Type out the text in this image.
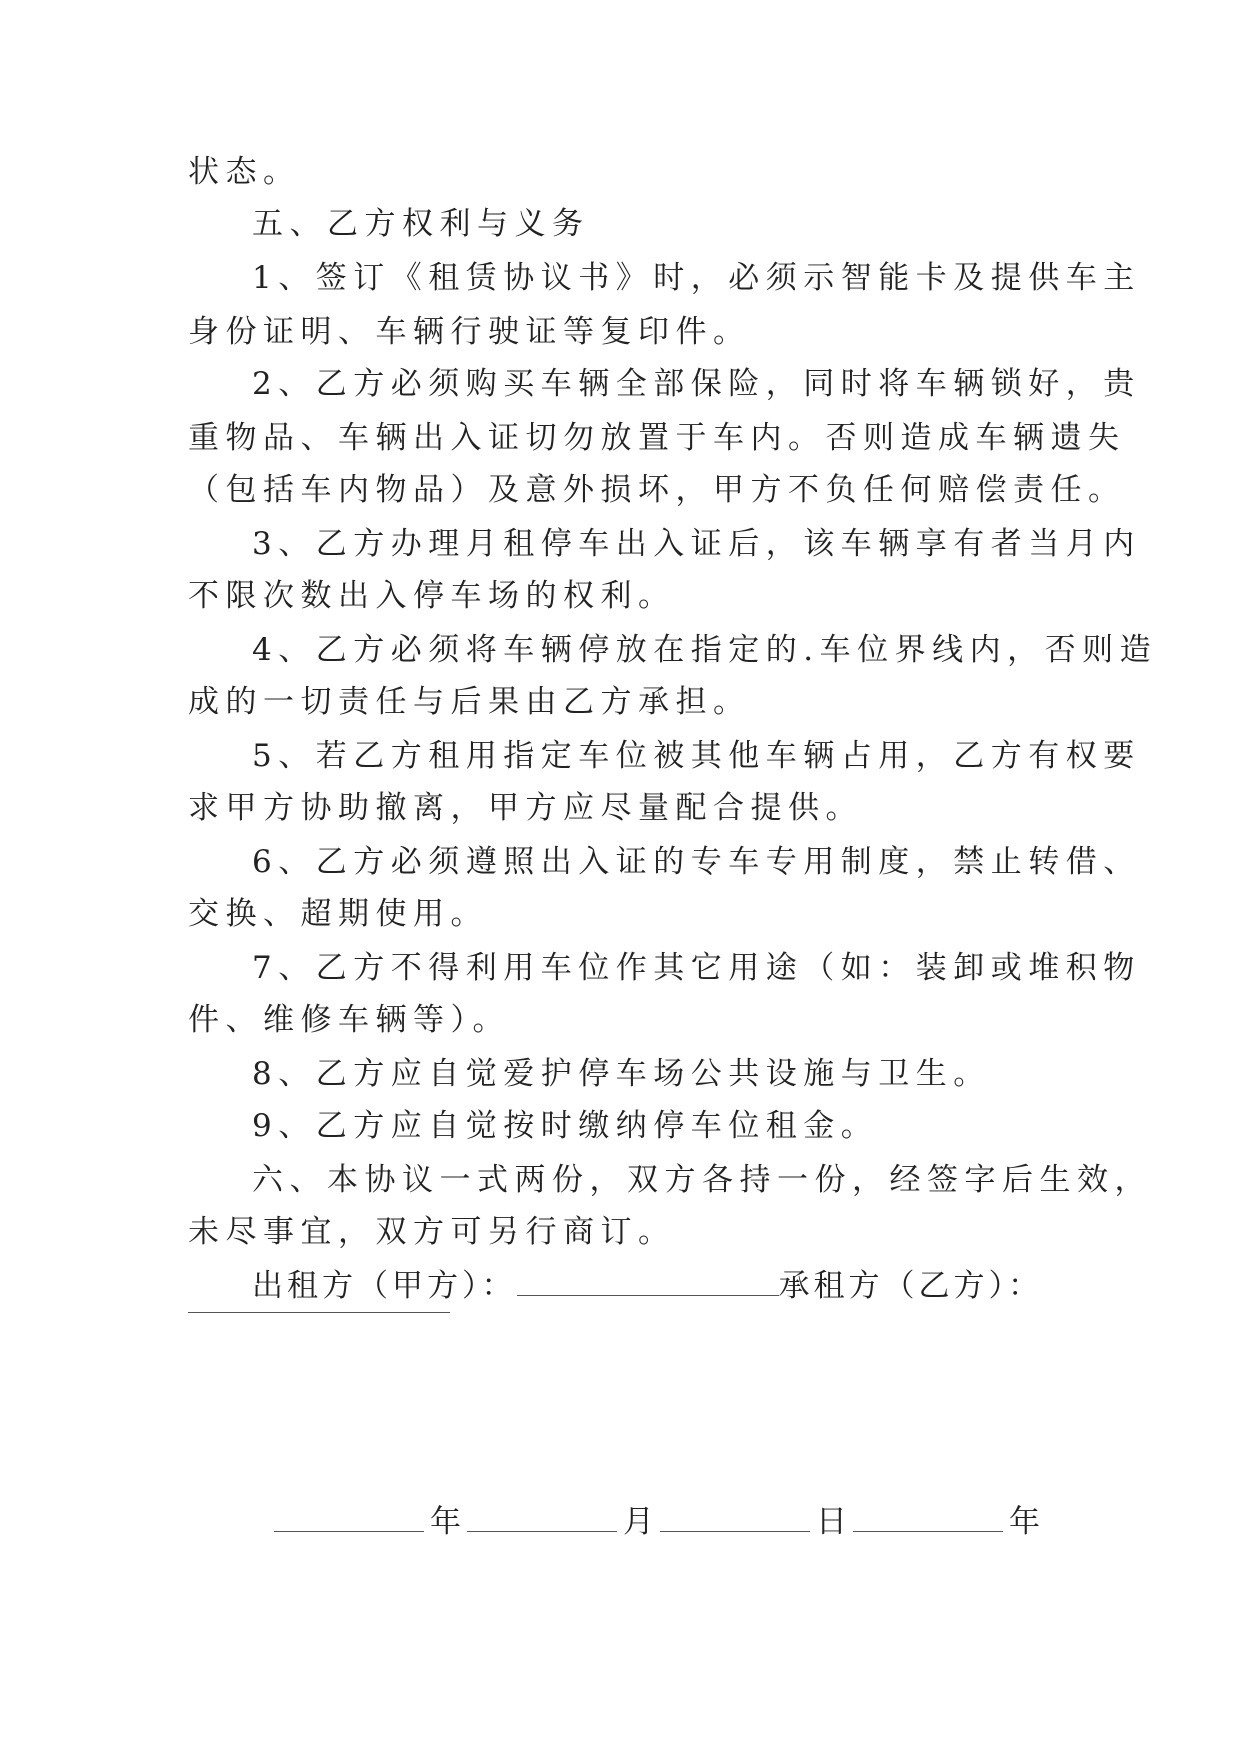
状态。
五、乙方权利与义务
1、签订《租赁协议书》时，必须示智能卡及提供车主
身份证明、车辆行驶证等复印件。
2、乙方必须购买车辆全部保险，同时将车辆锁好，贵
重物品、车辆出入证切勿放置于车内。否则造成车辆遗失
（包括车内物品）及意外损坏，甲方不负任何赔偿责任。
3、乙方办理月租停车出入证后，该车辆享有者当月内
不限次数出入停车场的权利。
4、乙方必须将车辆停放在指定的.车位界线内，否则造
成的一切责任与后果由乙方承担。
5、若乙方租用指定车位被其他车辆占用，乙方有权要
求甲方协助撤离，甲方应尽量配合提供。
6、乙方必须遵照出入证的专车专用制度，禁止转借、
交换、超期使用。
7、乙方不得利用车位作其它用途（如：装卸或堆积物
件、维修车辆等）。
8、乙方应自觉爱护停车场公共设施与卫生。
9、乙方应自觉按时缴纳停车位租金。
六、本协议一式两份，双方各持一份，经签字后生效，
未尽事宜，双方可另行商订。
出租方（甲方）：	承租方（乙方）：
年	月	日	年
